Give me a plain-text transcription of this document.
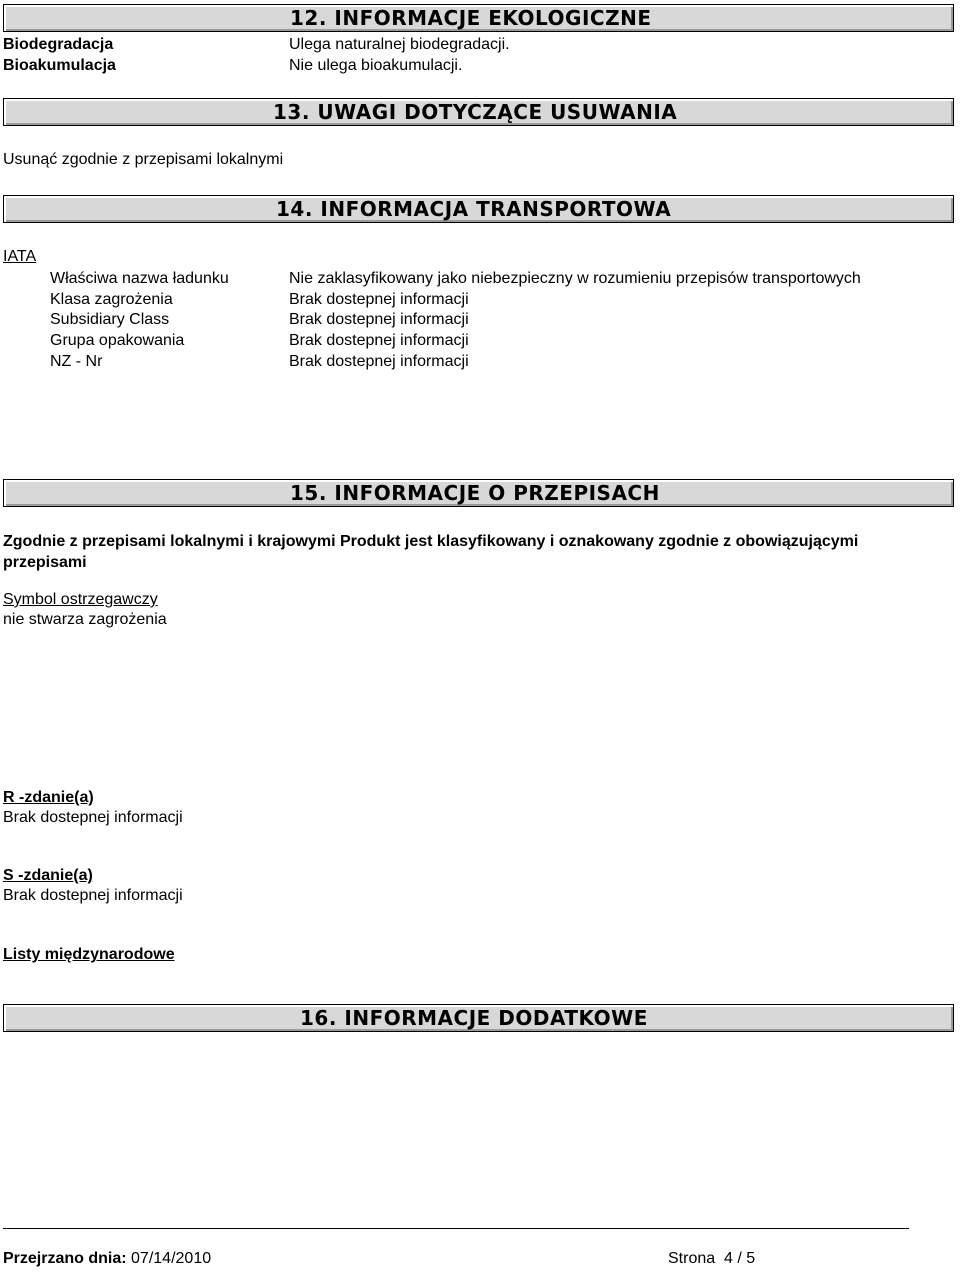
12. INFORMACJE EKOLOGICZNE
Biodegradacja
Bioakumulacja
Ulega naturalnej biodegradacji.
Nie ulega bioakumulacji.
13. UWAGI DOTYCZĄCE USUWANIA
Usunąć zgodnie z przepisami lokalnymi
14. INFORMACJA TRANSPORTOWA
IATA
Właściwa nazwa ładunku
Klasa zagrożenia
Subsidiary Class
Grupa opakowania
NZ - Nr
Nie zaklasyfikowany jako niebezpieczny w rozumieniu przepisów transportowych
Brak dostepnej informacji
Brak dostepnej informacji
Brak dostepnej informacji
Brak dostepnej informacji
15. INFORMACJE O PRZEPISACH
Zgodnie z przepisami lokalnymi i krajowymi Produkt jest klasyfikowany i oznakowany zgodnie z obowiązującymi
przepisami
Symbol ostrzegawczy
nie stwarza zagrożenia
R -zdanie(a)
Brak dostepnej informacji
S -zdanie(a)
Brak dostepnej informacji
Listy międzynarodowe
16. INFORMACJE DODATKOWE
Przejrzano dnia: 07/14/2010	Strona 4 / 5
